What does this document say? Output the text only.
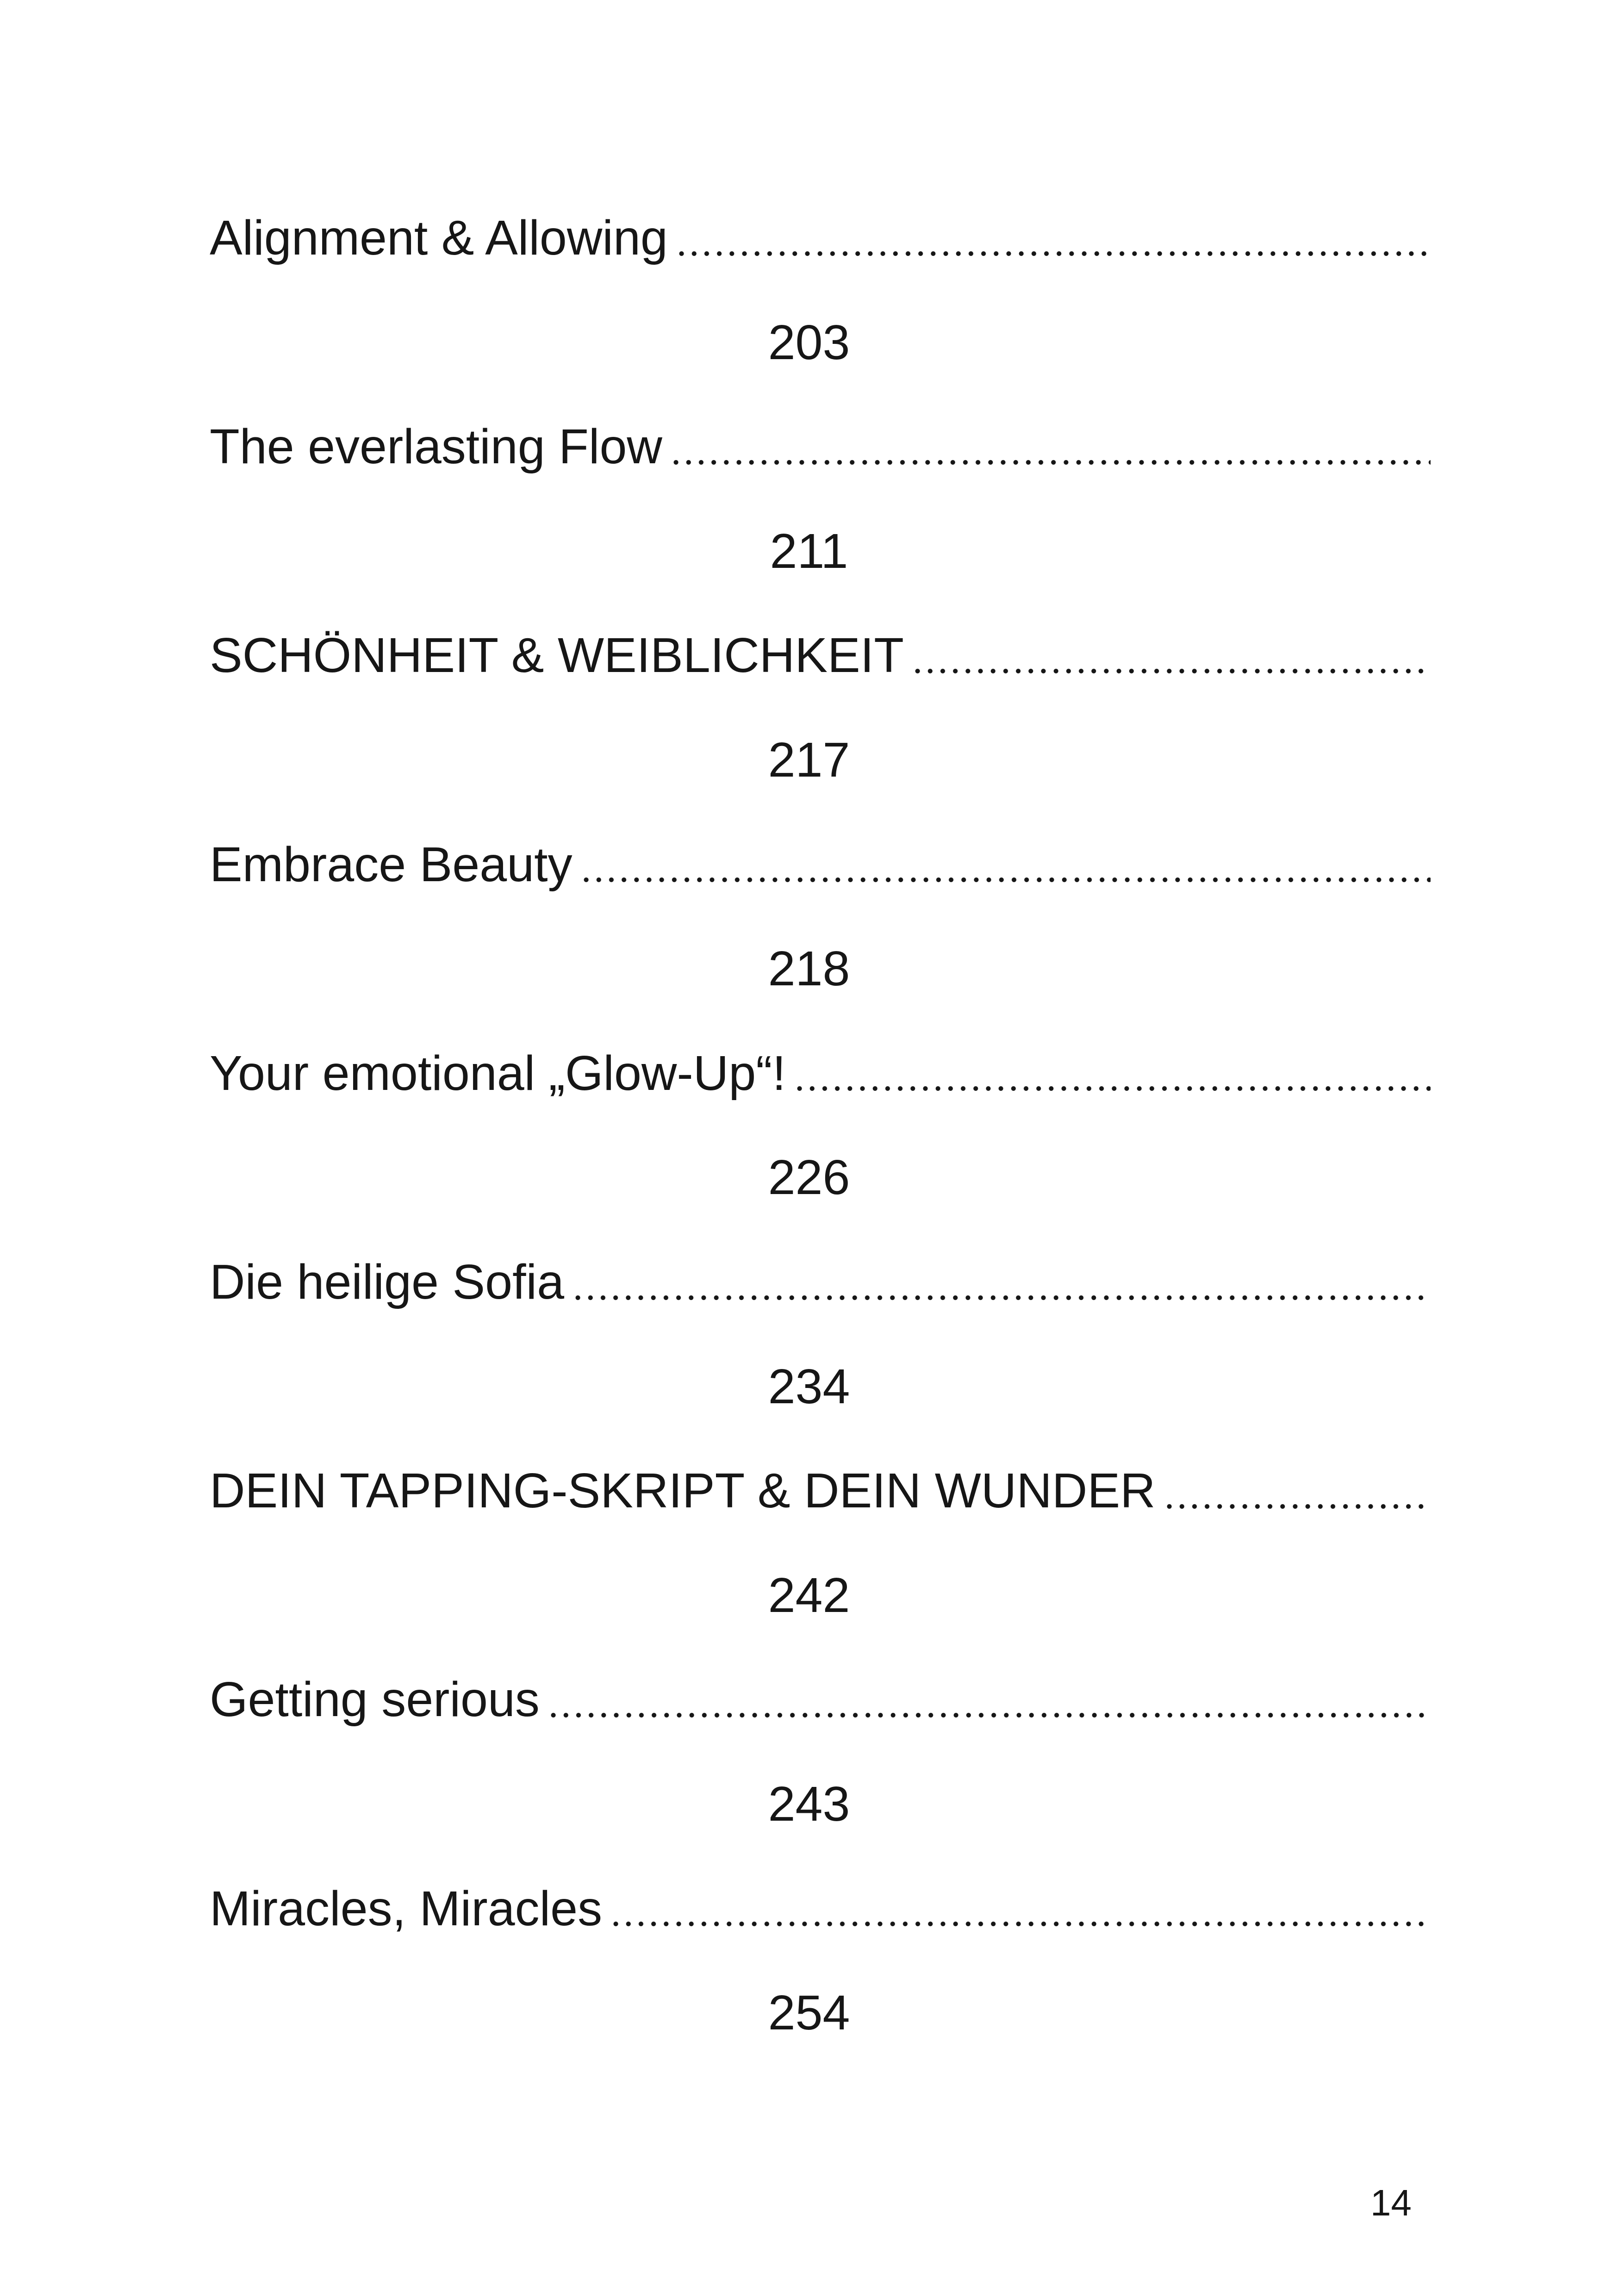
Alignment & Allowing
203
The everlasting Flow
211
SCHÖNHEIT & WEIBLICHKEIT
217
Embrace Beauty
218
Your emotional „Glow-Up“!
226
Die heilige Sofia
234
DEIN TAPPING-SKRIPT & DEIN WUNDER
242
Getting serious
243
Miracles, Miracles
254
14
